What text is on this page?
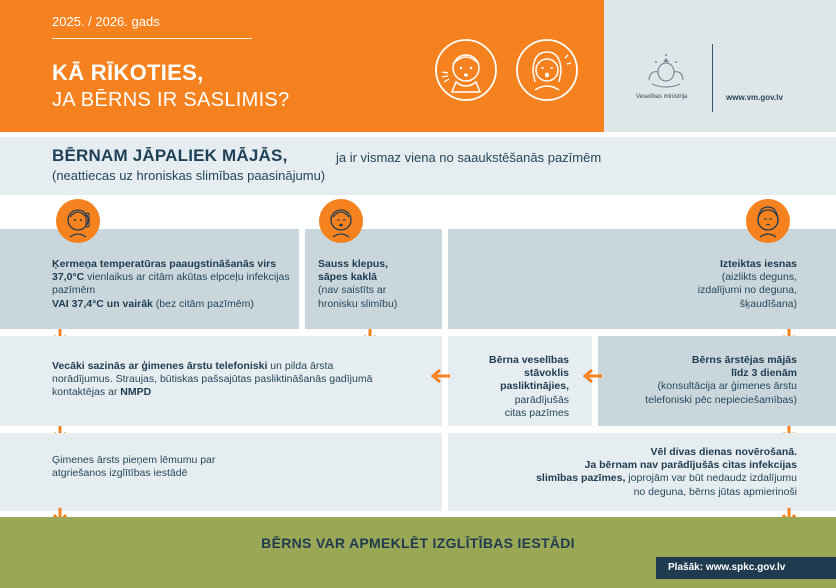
2025. / 2026. gads
KĀ RĪKOTIES,
JA BĒRNS IR SASLIMIS?	Veselības ministrija	www.vm.gov.lv
BĒRNAM JĀPALIEK MĀJĀS,	ja ir vismaz viena no saaukstēšanās pazīmēm
(neattiecas uz hroniskas slimības paasinājumu)
Ķermeņa temperatūras paaugstināšanās virs 37,0°C vienlaikus ar citām akūtas elpceļu infekcijas pazīmēm
VAI 37,4°C un vairāk (bez citām pazīmēm)
Sauss klepus,
sāpes kaklā
(nav saistīts ar
hronisku slimību)
Izteiktas iesnas
(aizlikts deguns,
izdalījumi no deguna,
šķaudīšana)
Vecāki sazinās ar ģimenes ārstu telefoniski un pilda ārsta norādījumus. Straujas, būtiskas pašsajūtas pasliktināšanās gadījumā kontaktējas ar NMPD
Bērna veselības
stāvoklis
pasliktinājies,
parādījušās
citas pazīmes
Bērns ārstējas mājās
līdz 3 dienām
(konsultācija ar ģimenes ārstu
telefoniski pēc nepieciešamības)
Ģimenes ārsts pieņem lēmumu par atgriešanos izglītības iestādē
Vēl divas dienas novērošanā.
Ja bērnam nav parādījušās citas infekcijas
slimības pazīmes, joprojām var būt nedaudz izdalījumu
no deguna, bērns jūtas apmierinoši
BĒRNS VAR APMEKLĒT IZGLĪTĪBAS IESTĀDI
Plašāk: www.spkc.gov.lv
